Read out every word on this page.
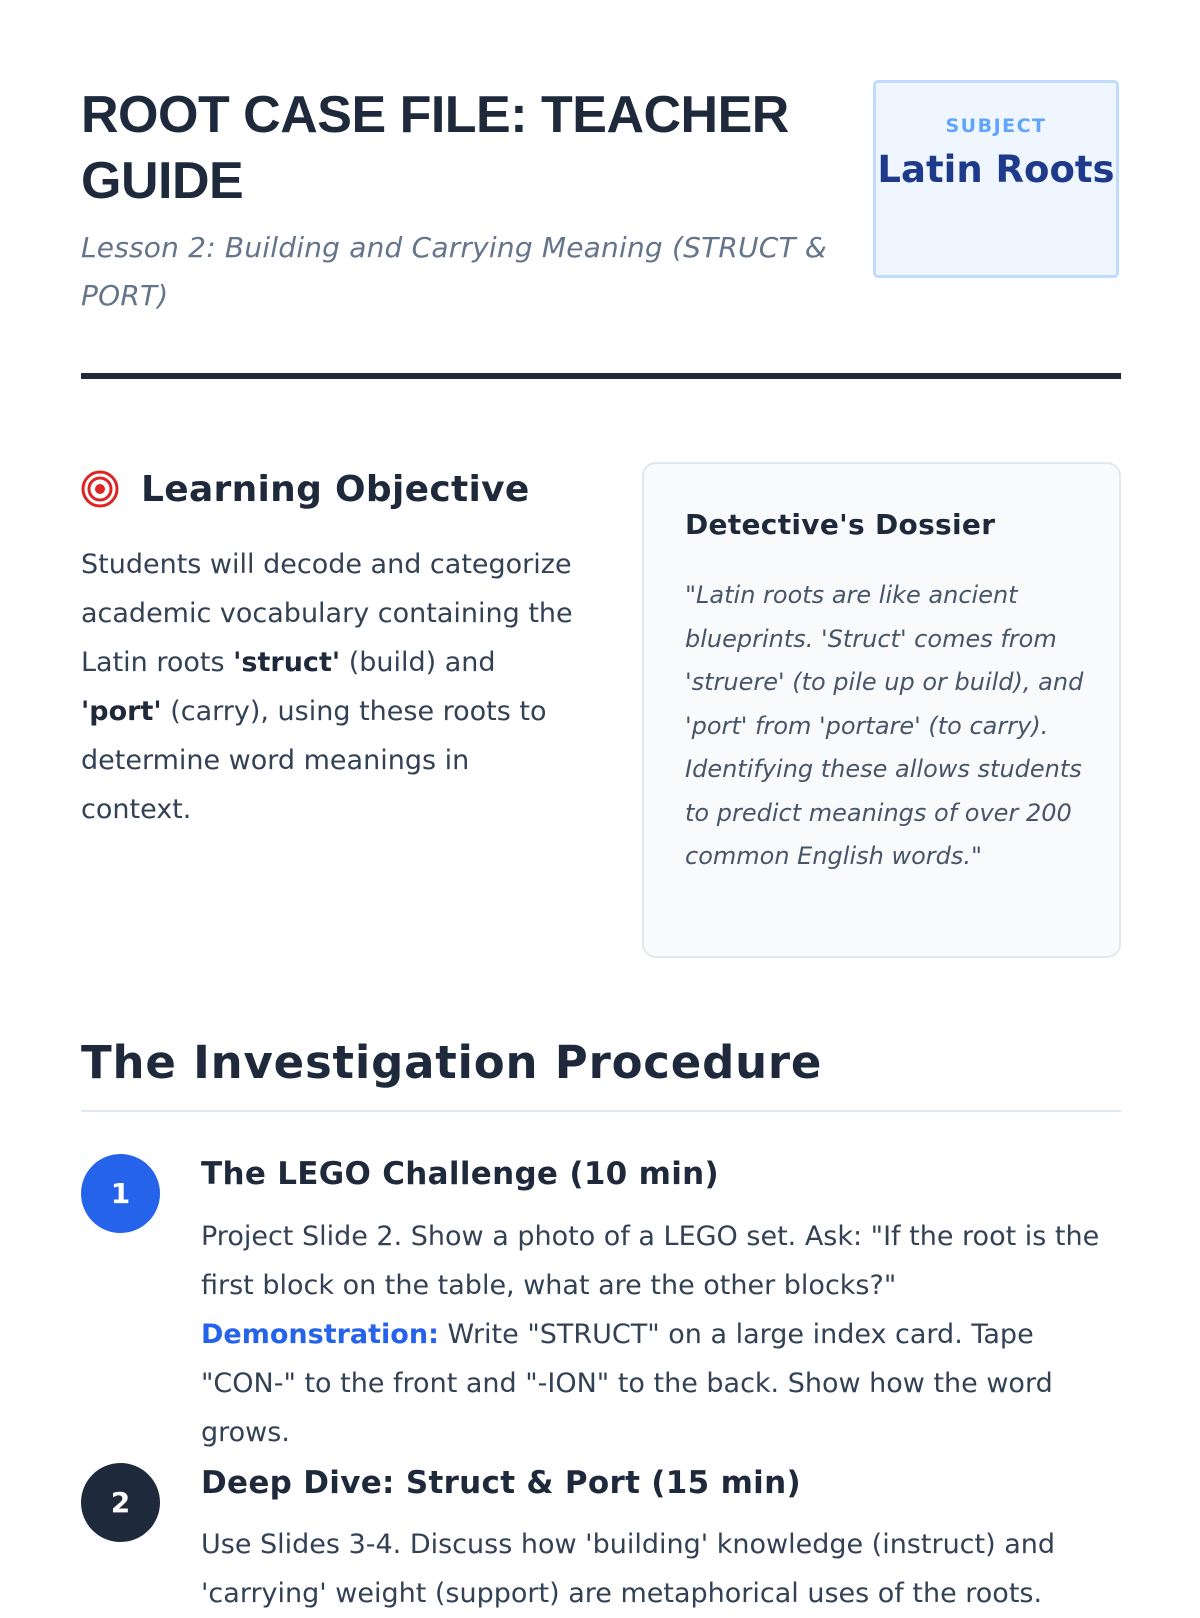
ROOT CASE FILE: TEACHER GUIDE

Lesson 2: Building and Carrying Meaning (STRUCT & PORT)

SUBJECT
Latin Roots
Learning Objective

Students will decode and categorize academic vocabulary containing the Latin roots 'struct' (build) and 'port' (carry), using these roots to determine word meanings in context.

Detective's Dossier
"Latin roots are like ancient blueprints. 'Struct' comes from 'struere' (to pile up or build), and 'port' from 'portare' (to carry). Identifying these allows students to predict meanings of over 200 common English words."
The Investigation Procedure
1
The LEGO Challenge (10 min)

Project Slide 2. Show a photo of a LEGO set. Ask: "If the root is the first block on the table, what are the other blocks?"

Demonstration: Write "STRUCT" on a large index card. Tape "CON-" to the front and "-ION" to the back. Show how the word grows.

2
Deep Dive: Struct & Port (15 min)

Use Slides 3-4. Discuss how 'building' knowledge (instruct) and 'carrying' weight (support) are metaphorical uses of the roots.
